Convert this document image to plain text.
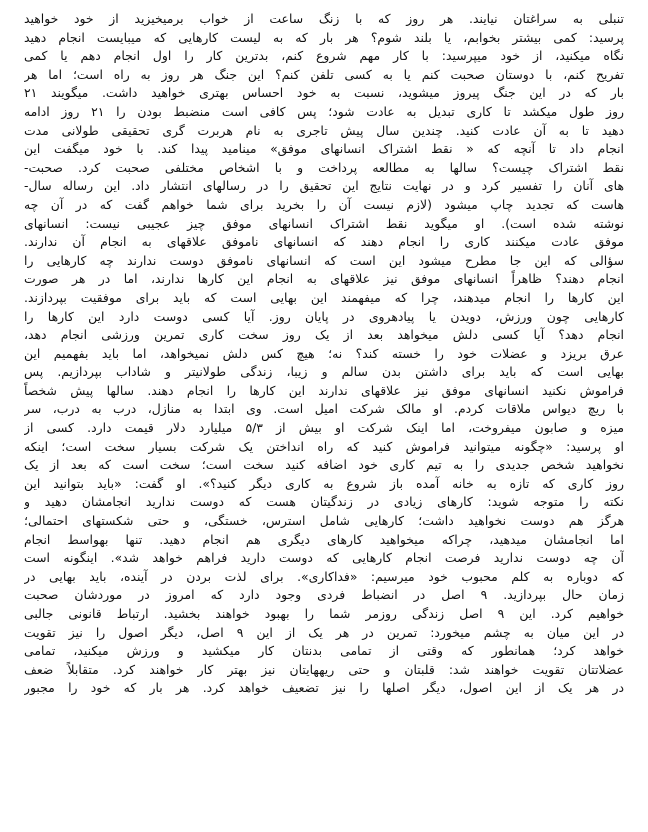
تنبلی به سراغتان نیایند. هر روز که با زنگ ساعت از خواب برمیخیزید از خود خواهید
پرسید: کمی بیشتر بخوابم، یا بلند شوم؟ هر بار که به لیست کارهایی که میبایست انجام دهید
نگاه میکنید، از خود میپرسید: با کار مهم شروع کنم، بدترین کار را اول انجام دهم یا کمی
تفریح کنم، با دوستان صحبت کنم یا به کسی تلفن کنم؟ این جنگ هر روز به راه است؛ اما هر
بار که در این جنگ پیروز میشوید، نسبت به خود احساس بهتری خواهید داشت. میگویند ۲۱
روز طول میکشد تا کاری تبدیل به عادت شود؛ پس کافی است منضبط بودن را ۲۱ روز ادامه
دهید تا به آن عادت کنید. چندین سال پیش تاجری به نام هربرت گری تحقیقی طولانی مدت
انجام داد تا آنچه که « نقط اشتراک انسانهای موفق» مینامید پیدا کند. با خود میگفت این
نقط اشتراک چیست؟ سالها به مطالعه پرداخت و با اشخاص مختلفی صحبت کرد. صحبت-
های آنان را تفسیر کرد و در نهایت نتایج این تحقیق را در رسالهای انتشار داد. این رساله سال-
هاست که تجدید چاپ میشود (لازم نیست آن را بخرید برای شما خواهم گفت که در آن چه
نوشته شده است). او میگوید نقط اشتراک انسانهای موفق چیز عجیبی نیست: انسانهای
موفق عادت میکنند کاری را انجام دهند که انسانهای ناموفق علاقهای به انجام آن ندارند.
سؤالی که این جا مطرح میشود این است که انسانهای ناموفق دوست ندارند چه کارهایی را
انجام دهند؟ ظاهراً انسانهای موفق نیز علاقهای به انجام این کارها ندارند، اما در هر صورت
این کارها را انجام میدهند، چرا که میفهمند این بهایی است که باید برای موفقیت بپردازند.
کارهایی چون ورزش، دویدن یا پیادهروی در پایان روز. آیا کسی دوست دارد این کارها را
انجام دهد؟ آیا کسی دلش میخواهد بعد از یک روز سخت کاری تمرین ورزشی انجام دهد،
عرق بریزد و عضلات خود را خسته کند؟ نه؛ هیچ کس دلش نمیخواهد، اما باید بفهمیم این
بهایی است که باید برای داشتن بدن سالم و زیبا، زندگی طولانیتر و شاداب بپردازیم. پس
فراموش نکنید انسانهای موفق نیز علاقهای ندارند این کارها را انجام دهند. سالها پیش شخصاً
با ریچ دیواس ملاقات کردم. او مالک شرکت امیل است. وی ابتدا به منازل، درب به درب، سر
میزه و صابون میفروخت، اما اینک شرکت او بیش از ۵/۳ میلیارد دلار قیمت دارد. کسی از
او پرسید: «چگونه میتوانید فراموش کنید که راه انداختن یک شرکت بسیار سخت است؛ اینکه
نخواهید شخص جدیدی را به تیم کاری خود اضافه کنید سخت است؛ سخت است که بعد از یک
روز کاری که تازه به خانه آمده باز شروع به کاری دیگر کنید؟». او گفت: «باید بتوانید این
نکته را متوجه شوید: کارهای زیادی در زندگیتان هست که دوست ندارید انجامشان دهید و
هرگز هم دوست نخواهید داشت؛ کارهایی شامل استرس، خستگی، و حتی شکستهای احتمالی؛
اما انجامشان میدهید، چراکه میخواهید کارهای دیگری هم انجام دهید. تنها بهواسط انجام
آن چه دوست ندارید فرصت انجام کارهایی که دوست دارید فراهم خواهد شد». اینگونه است
که دوباره به کلم محبوب خود میرسیم: «فداکاری». برای لذت بردن در آینده، باید بهایی در
زمان حال بپردازید. ۹ اصل در انضباط فردی وجود دارد که امروز در موردشان صحبت
خواهیم کرد. این ۹ اصل زندگی روزمر شما را بهبود خواهند بخشید. ارتباط قانونی جالبی
در این میان به چشم میخورد: تمرین در هر یک از این ۹ اصل، دیگر اصول را نیز تقویت
خواهد کرد؛ همانطور که وقتی از تمامی بدنتان کار میکشید و ورزش میکنید، تمامی
عضلاتتان تقویت خواهند شد: قلبتان و حتی ریههایتان نیز بهتر کار خواهند کرد. متقابلاً ضعف
در هر یک از این اصول، دیگر اصلها را نیز تضعیف خواهد کرد. هر بار که خود را مجبور
